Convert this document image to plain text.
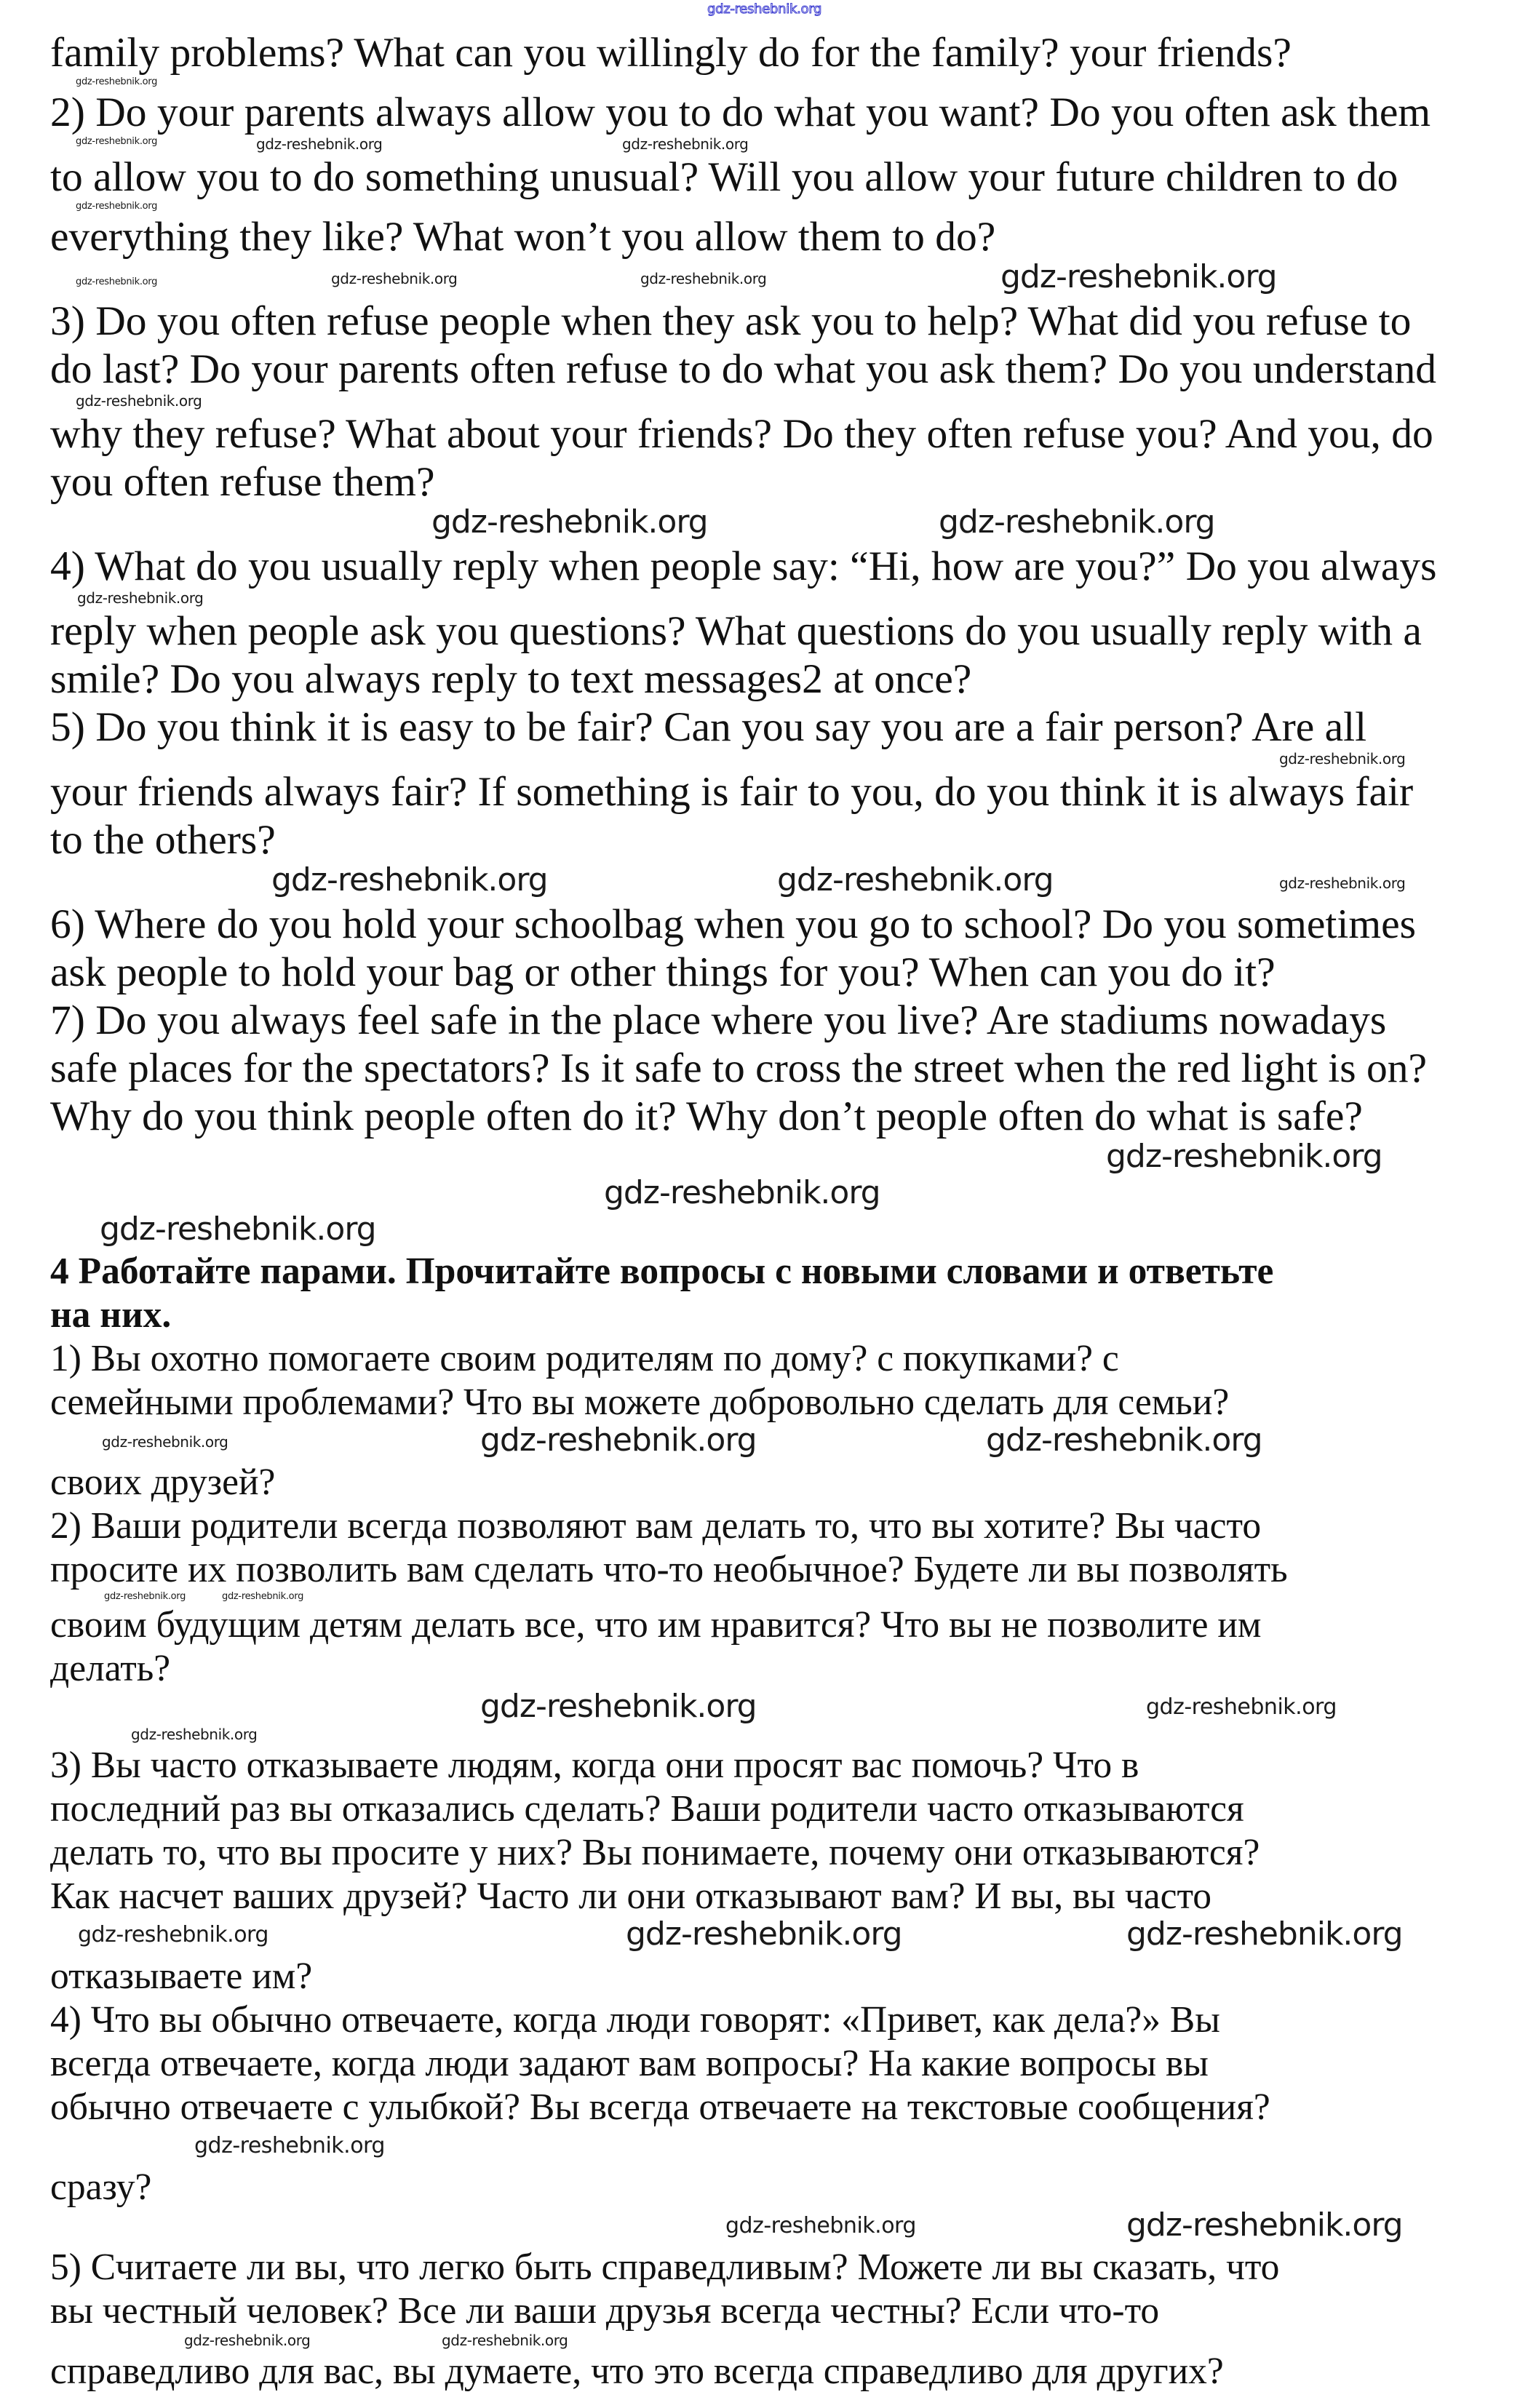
gdz-reshebnik.org
family problems? What can you willingly do for the family? your friends?
gdz-reshebnik.org
2) Do your parents always allow you to do what you want? Do you often ask them
gdz-reshebnik.org	gdz-reshebnik.org	gdz-reshebnik.org
to allow you to do something unusual? Will you allow your future children to do
gdz-reshebnik.org
everything they like? What won’t you allow them to do?
gdz-reshebnik.org	gdz-reshebnik.org	gdz-reshebnik.org	gdz-reshebnik.org
3) Do you often refuse people when they ask you to help? What did you refuse to
do last? Do your parents often refuse to do what you ask them? Do you understand
gdz-reshebnik.org
why they refuse? What about your friends? Do they often refuse you? And you, do
you often refuse them?
gdz-reshebnik.org	gdz-reshebnik.org
4) What do you usually reply when people say: “Hi, how are you?” Do you always
gdz-reshebnik.org
reply when people ask you questions? What questions do you usually reply with a
smile? Do you always reply to text messages2 at once?
5) Do you think it is easy to be fair? Can you say you are a fair person? Are all
gdz-reshebnik.org
your friends always fair? If something is fair to you, do you think it is always fair
to the others?
gdz-reshebnik.org	gdz-reshebnik.org	gdz-reshebnik.org
6) Where do you hold your schoolbag when you go to school? Do you sometimes
ask people to hold your bag or other things for you? When can you do it?
7) Do you always feel safe in the place where you live? Are stadiums nowadays
safe places for the spectators? Is it safe to cross the street when the red light is on?
Why do you think people often do it? Why don’t people often do what is safe?
gdz-reshebnik.org
gdz-reshebnik.org
gdz-reshebnik.org
4 Работайте парами. Прочитайте вопросы с новыми словами и ответьте
на них.
1) Вы охотно помогаете своим родителям по дому? с покупками? с
семейными проблемами? Что вы можете добровольно сделать для семьи?
gdz-reshebnik.org	gdz-reshebnik.org	gdz-reshebnik.org
своих друзей?
2) Ваши родители всегда позволяют вам делать то, что вы хотите? Вы часто
просите их позволить вам сделать что-то необычное? Будете ли вы позволять
gdz-reshebnik.org	gdz-reshebnik.org
своим будущим детям делать все, что им нравится? Что вы не позволите им
делать?
gdz-reshebnik.org	gdz-reshebnik.org
gdz-reshebnik.org
3) Вы часто отказываете людям, когда они просят вас помочь? Что в
последний раз вы отказались сделать? Ваши родители часто отказываются
делать то, что вы просите у них? Вы понимаете, почему они отказываются?
Как насчет ваших друзей? Часто ли они отказывают вам? И вы, вы часто
gdz-reshebnik.org	gdz-reshebnik.org	gdz-reshebnik.org
отказываете им?
4) Что вы обычно отвечаете, когда люди говорят: «Привет, как дела?» Вы
всегда отвечаете, когда люди задают вам вопросы? На какие вопросы вы
обычно отвечаете с улыбкой? Вы всегда отвечаете на текстовые сообщения?
gdz-reshebnik.org
сразу?
gdz-reshebnik.org	gdz-reshebnik.org
5) Считаете ли вы, что легко быть справедливым? Можете ли вы сказать, что
вы честный человек? Все ли ваши друзья всегда честны? Если что-то
gdz-reshebnik.org	gdz-reshebnik.org
справедливо для вас, вы думаете, что это всегда справедливо для других?
